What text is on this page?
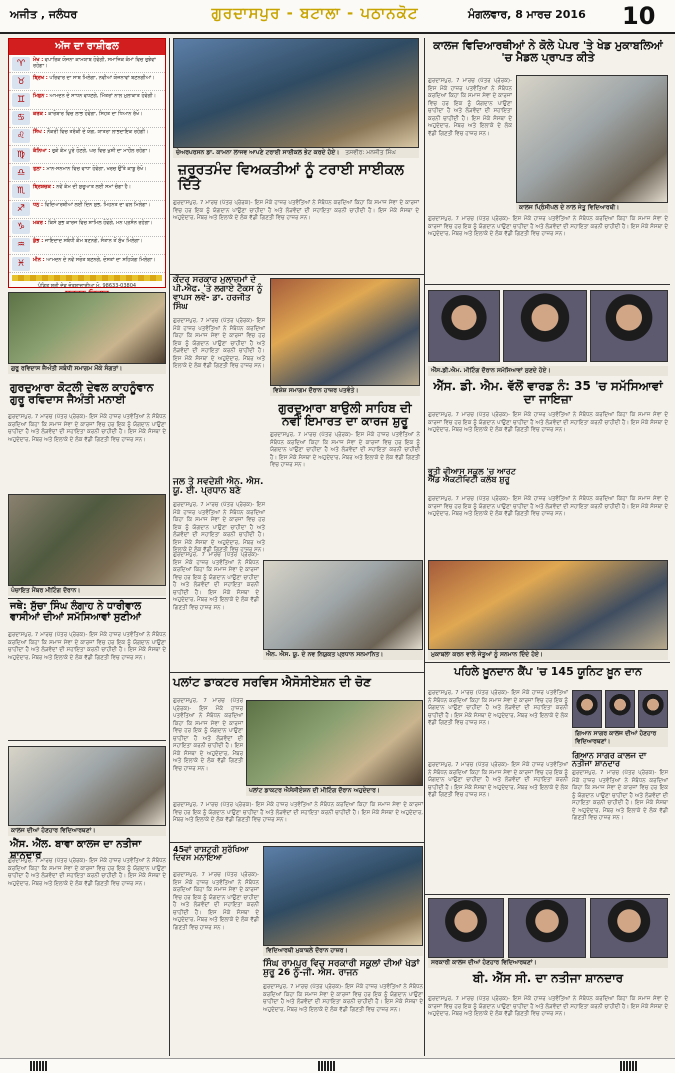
ਅਜੀਤ , ਜਲੰਧਰ	ਗੁਰਦਾਸਪੁਰ - ਬਟਾਲਾ - ਪਠਾਨਕੋਟ	ਮੰਗਲਵਾਰ, 8 ਮਾਰਚ 2016 10
ਅੱਜ ਦਾ ਰਾਸ਼ੀਫਲ
♈	ਮੇਖ : ਵਪਾਰਿਕ ਯੋਜਨਾ ਕਾਮਯਾਬ ਹੋਵੇਗੀ, ਸਮਾਜਿਕ ਕੰਮਾਂ ਵਿਚ ਰੁਝੇਵਾਂ ਰਹੇਗਾ।
♉	ਬ੍ਰਿਖ : ਪਰਿਵਾਰ ਦਾ ਸਾਥ ਮਿਲੇਗਾ, ਨਵੀਆਂ ਯੋਜਨਾਵਾਂ ਬਣਨਗੀਆਂ।
♊	ਮਿਥੁਨ : ਆਮਦਨ ਦੇ ਸਾਧਨ ਵਧਣਗੇ, ਮਿੱਤਰਾਂ ਨਾਲ ਮੁਲਾਕਾਤ ਹੋਵੇਗੀ।
♋	ਕਰਕ : ਕਾਰੋਬਾਰ ਵਿਚ ਲਾਭ ਹੋਵੇਗਾ, ਸਿਹਤ ਦਾ ਧਿਆਨ ਰੱਖੋ।
♌	ਸਿੰਘ : ਨੌਕਰੀ ਵਿਚ ਤਰੱਕੀ ਦੇ ਯੋਗ, ਯਾਤਰਾ ਲਾਭਦਾਇਕ ਰਹੇਗੀ।
♍	ਕੰਨਿਆ : ਰੁਕੇ ਕੰਮ ਪੂਰੇ ਹੋਣਗੇ, ਘਰ ਵਿਚ ਖੁਸ਼ੀ ਦਾ ਮਾਹੌਲ ਰਹੇਗਾ।
♎	ਤੁਲਾ : ਮਾਨ-ਸਨਮਾਨ ਵਿਚ ਵਾਧਾ ਹੋਵੇਗਾ, ਖਰਚ ਉੱਤੇ ਕਾਬੂ ਰੱਖੋ।
♏	ਬ੍ਰਿਸ਼ਚਕ : ਨਵੇਂ ਕੰਮ ਦੀ ਸ਼ੁਰੂਆਤ ਲਈ ਸਮਾਂ ਚੰਗਾ ਹੈ।
♐	ਧਨੁ : ਵਿਦਿਆਰਥੀਆਂ ਲਈ ਦਿਨ ਸ਼ੁਭ, ਮਿਹਨਤ ਦਾ ਫਲ ਮਿਲੇਗਾ।
♑	ਮਕਰ : ਕਿਸੇ ਸ਼ੁਭ ਕਾਰਜ ਵਿਚ ਸ਼ਾਮਿਲ ਹੋਵੋਗੇ, ਮਨ ਪ੍ਰਸੰਨ ਰਹੇਗਾ।
♒	ਕੁੰਭ : ਜਾਇਦਾਦ ਸਬੰਧੀ ਕੰਮ ਬਣਨਗੇ, ਸੰਤਾਨ ਤੋਂ ਸੁੱਖ ਮਿਲੇਗਾ।
♓	ਮੀਨ : ਆਮਦਨ ਦੇ ਨਵੇਂ ਸਰੋਤ ਬਣਨਗੇ, ਦੋਸਤਾਂ ਦਾ ਸਹਿਯੋਗ ਮਿਲੇਗਾ।
ਪੰਡਿਤ ਸ਼੍ਰੀ ਦੇਵ ਜੋਤਸ਼ਾਚਾਰੀਆ ਮੋ. 98633-03804
ਚੇਅਰਪਰਸਨ ਡਾ. ਕਾਮਨਾ ਲਾਜਵ ਆਪਣੇ ਟਰਾਈ ਸਾਈਕਲ ਭੇਟ ਕਰਦੇ ਹੋਏ। ਤਸਵੀਰ: ਮਨਜੀਤ ਸਿੰਘ
ਜ਼ਰੂਰਤਮੰਦ ਵਿਅਕਤੀਆਂ ਨੂੰ ਟਰਾਈ ਸਾਈਕਲ ਦਿੱਤੇ
ਗੁਰਦਾਸਪੁਰ, 7 ਮਾਰਚ (ਪੱਤਰ ਪ੍ਰੇਰਕ)- ਇਸ ਮੌਕੇ ਹਾਜ਼ਰ ਪਤਵੰਤਿਆਂ ਨੇ ਸੰਬੋਧਨ ਕਰਦਿਆਂ ਕਿਹਾ ਕਿ ਸਮਾਜ ਸੇਵਾ ਦੇ ਕਾਰਜਾਂ ਵਿਚ ਹਰ ਇਕ ਨੂੰ ਯੋਗਦਾਨ ਪਾਉਣਾ ਚਾਹੀਦਾ ਹੈ ਅਤੇ ਲੋੜਵੰਦਾਂ ਦੀ ਸਹਾਇਤਾ ਕਰਨੀ ਚਾਹੀਦੀ ਹੈ। ਇਸ ਮੌਕੇ ਸੰਸਥਾ ਦੇ ਅਹੁਦੇਦਾਰ, ਮੈਂਬਰ ਅਤੇ ਇਲਾਕੇ ਦੇ ਲੋਕ ਵੱਡੀ ਗਿਣਤੀ ਵਿਚ ਹਾਜ਼ਰ ਸਨ।
ਕਾਲਜ ਵਿਦਿਆਰਥੀਆਂ ਨੇ ਕੋਲੇ ਪੇਪਰ 'ਤੇ ਖੇਡ ਮੁਕਾਬਲਿਆਂ 'ਚ ਮੈਡਲ ਪ੍ਰਾਪਤ ਕੀਤੇ
ਗੁਰਦਾਸਪੁਰ, 7 ਮਾਰਚ (ਪੱਤਰ ਪ੍ਰੇਰਕ)- ਇਸ ਮੌਕੇ ਹਾਜ਼ਰ ਪਤਵੰਤਿਆਂ ਨੇ ਸੰਬੋਧਨ ਕਰਦਿਆਂ ਕਿਹਾ ਕਿ ਸਮਾਜ ਸੇਵਾ ਦੇ ਕਾਰਜਾਂ ਵਿਚ ਹਰ ਇਕ ਨੂੰ ਯੋਗਦਾਨ ਪਾਉਣਾ ਚਾਹੀਦਾ ਹੈ ਅਤੇ ਲੋੜਵੰਦਾਂ ਦੀ ਸਹਾਇਤਾ ਕਰਨੀ ਚਾਹੀਦੀ ਹੈ। ਇਸ ਮੌਕੇ ਸੰਸਥਾ ਦੇ ਅਹੁਦੇਦਾਰ, ਮੈਂਬਰ ਅਤੇ ਇਲਾਕੇ ਦੇ ਲੋਕ ਵੱਡੀ ਗਿਣਤੀ ਵਿਚ ਹਾਜ਼ਰ ਸਨ।
ਕਾਲਜ ਪ੍ਰਿੰਸੀਪਲ ਦੇ ਨਾਲ ਜੇਤੂ ਵਿਦਿਆਰਥੀ।
ਗੁਰਦਾਸਪੁਰ, 7 ਮਾਰਚ (ਪੱਤਰ ਪ੍ਰੇਰਕ)- ਇਸ ਮੌਕੇ ਹਾਜ਼ਰ ਪਤਵੰਤਿਆਂ ਨੇ ਸੰਬੋਧਨ ਕਰਦਿਆਂ ਕਿਹਾ ਕਿ ਸਮਾਜ ਸੇਵਾ ਦੇ ਕਾਰਜਾਂ ਵਿਚ ਹਰ ਇਕ ਨੂੰ ਯੋਗਦਾਨ ਪਾਉਣਾ ਚਾਹੀਦਾ ਹੈ ਅਤੇ ਲੋੜਵੰਦਾਂ ਦੀ ਸਹਾਇਤਾ ਕਰਨੀ ਚਾਹੀਦੀ ਹੈ। ਇਸ ਮੌਕੇ ਸੰਸਥਾ ਦੇ ਅਹੁਦੇਦਾਰ, ਮੈਂਬਰ ਅਤੇ ਇਲਾਕੇ ਦੇ ਲੋਕ ਵੱਡੀ ਗਿਣਤੀ ਵਿਚ ਹਾਜ਼ਰ ਸਨ।
ਕੇਂਦਰ ਸਰਕਾਰ ਮੁਲਾਜ਼ਮਾਂ ਦੇ ਪੀ.ਐਫ. 'ਤੇ ਲਗਾਏ ਟੈਕਸ ਨੂੰ ਵਾਪਸ ਲਵੇ- ਡਾ. ਹਰਜੀਤ ਸਿੰਘ
ਗੁਰਦਾਸਪੁਰ, 7 ਮਾਰਚ (ਪੱਤਰ ਪ੍ਰੇਰਕ)- ਇਸ ਮੌਕੇ ਹਾਜ਼ਰ ਪਤਵੰਤਿਆਂ ਨੇ ਸੰਬੋਧਨ ਕਰਦਿਆਂ ਕਿਹਾ ਕਿ ਸਮਾਜ ਸੇਵਾ ਦੇ ਕਾਰਜਾਂ ਵਿਚ ਹਰ ਇਕ ਨੂੰ ਯੋਗਦਾਨ ਪਾਉਣਾ ਚਾਹੀਦਾ ਹੈ ਅਤੇ ਲੋੜਵੰਦਾਂ ਦੀ ਸਹਾਇਤਾ ਕਰਨੀ ਚਾਹੀਦੀ ਹੈ। ਇਸ ਮੌਕੇ ਸੰਸਥਾ ਦੇ ਅਹੁਦੇਦਾਰ, ਮੈਂਬਰ ਅਤੇ ਇਲਾਕੇ ਦੇ ਲੋਕ ਵੱਡੀ ਗਿਣਤੀ ਵਿਚ ਹਾਜ਼ਰ ਸਨ।
ਵਿਸ਼ੇਸ਼ ਸਮਾਗਮ ਦੌਰਾਨ ਹਾਜ਼ਰ ਪਤਵੰਤੇ।
ਗੁਰਦੁਆਰਾ ਬਾਉਲੀ ਸਾਹਿਬ ਦੀ ਨਵੀਂ ਇਮਾਰਤ ਦਾ ਕਾਰਜ ਸ਼ੁਰੂ
ਗੁਰਦਾਸਪੁਰ, 7 ਮਾਰਚ (ਪੱਤਰ ਪ੍ਰੇਰਕ)- ਇਸ ਮੌਕੇ ਹਾਜ਼ਰ ਪਤਵੰਤਿਆਂ ਨੇ ਸੰਬੋਧਨ ਕਰਦਿਆਂ ਕਿਹਾ ਕਿ ਸਮਾਜ ਸੇਵਾ ਦੇ ਕਾਰਜਾਂ ਵਿਚ ਹਰ ਇਕ ਨੂੰ ਯੋਗਦਾਨ ਪਾਉਣਾ ਚਾਹੀਦਾ ਹੈ ਅਤੇ ਲੋੜਵੰਦਾਂ ਦੀ ਸਹਾਇਤਾ ਕਰਨੀ ਚਾਹੀਦੀ ਹੈ। ਇਸ ਮੌਕੇ ਸੰਸਥਾ ਦੇ ਅਹੁਦੇਦਾਰ, ਮੈਂਬਰ ਅਤੇ ਇਲਾਕੇ ਦੇ ਲੋਕ ਵੱਡੀ ਗਿਣਤੀ ਵਿਚ ਹਾਜ਼ਰ ਸਨ।
ਐੱਸ.ਡੀ.ਐਮ. ਮੀਟਿੰਗ ਦੌਰਾਨ ਸਮੱਸਿਆਵਾਂ ਸੁਣਦੇ ਹੋਏ।
ਐੱਸ. ਡੀ. ਐਮ. ਵੱਲੋਂ ਵਾਰਡ ਨੰ: 35 'ਚ ਸਮੱਸਿਆਵਾਂ ਦਾ ਜਾਇਜ਼ਾ
ਗੁਰਦਾਸਪੁਰ, 7 ਮਾਰਚ (ਪੱਤਰ ਪ੍ਰੇਰਕ)- ਇਸ ਮੌਕੇ ਹਾਜ਼ਰ ਪਤਵੰਤਿਆਂ ਨੇ ਸੰਬੋਧਨ ਕਰਦਿਆਂ ਕਿਹਾ ਕਿ ਸਮਾਜ ਸੇਵਾ ਦੇ ਕਾਰਜਾਂ ਵਿਚ ਹਰ ਇਕ ਨੂੰ ਯੋਗਦਾਨ ਪਾਉਣਾ ਚਾਹੀਦਾ ਹੈ ਅਤੇ ਲੋੜਵੰਦਾਂ ਦੀ ਸਹਾਇਤਾ ਕਰਨੀ ਚਾਹੀਦੀ ਹੈ। ਇਸ ਮੌਕੇ ਸੰਸਥਾ ਦੇ ਅਹੁਦੇਦਾਰ, ਮੈਂਬਰ ਅਤੇ ਇਲਾਕੇ ਦੇ ਲੋਕ ਵੱਡੀ ਗਿਣਤੀ ਵਿਚ ਹਾਜ਼ਰ ਸਨ।
ਗੁਰੂ ਰਵਿਦਾਸ ਜੈਅੰਤੀ ਸਬੰਧੀ ਸਮਾਗਮ ਮੌਕੇ ਸੰਗਤਾਂ।
ਗੁਰਦੁਆਰਾ ਕੋਟਲੀ ਦੇਵਲ ਕਾਹਨੂੰਵਾਨ ਗੁਰੂ ਰਵਿਦਾਸ ਜੈਅੰਤੀ ਮਨਾਈ
ਗੁਰਦਾਸਪੁਰ, 7 ਮਾਰਚ (ਪੱਤਰ ਪ੍ਰੇਰਕ)- ਇਸ ਮੌਕੇ ਹਾਜ਼ਰ ਪਤਵੰਤਿਆਂ ਨੇ ਸੰਬੋਧਨ ਕਰਦਿਆਂ ਕਿਹਾ ਕਿ ਸਮਾਜ ਸੇਵਾ ਦੇ ਕਾਰਜਾਂ ਵਿਚ ਹਰ ਇਕ ਨੂੰ ਯੋਗਦਾਨ ਪਾਉਣਾ ਚਾਹੀਦਾ ਹੈ ਅਤੇ ਲੋੜਵੰਦਾਂ ਦੀ ਸਹਾਇਤਾ ਕਰਨੀ ਚਾਹੀਦੀ ਹੈ। ਇਸ ਮੌਕੇ ਸੰਸਥਾ ਦੇ ਅਹੁਦੇਦਾਰ, ਮੈਂਬਰ ਅਤੇ ਇਲਾਕੇ ਦੇ ਲੋਕ ਵੱਡੀ ਗਿਣਤੀ ਵਿਚ ਹਾਜ਼ਰ ਸਨ।
ਜਲ ਤੇ ਸਵਦੇਸ਼ੀ ਐਨ. ਐਸ. ਯੂ. ਈ. ਪ੍ਰਧਾਨ ਬਣੇ
ਗੁਰਦਾਸਪੁਰ, 7 ਮਾਰਚ (ਪੱਤਰ ਪ੍ਰੇਰਕ)- ਇਸ ਮੌਕੇ ਹਾਜ਼ਰ ਪਤਵੰਤਿਆਂ ਨੇ ਸੰਬੋਧਨ ਕਰਦਿਆਂ ਕਿਹਾ ਕਿ ਸਮਾਜ ਸੇਵਾ ਦੇ ਕਾਰਜਾਂ ਵਿਚ ਹਰ ਇਕ ਨੂੰ ਯੋਗਦਾਨ ਪਾਉਣਾ ਚਾਹੀਦਾ ਹੈ ਅਤੇ ਲੋੜਵੰਦਾਂ ਦੀ ਸਹਾਇਤਾ ਕਰਨੀ ਚਾਹੀਦੀ ਹੈ। ਇਸ ਮੌਕੇ ਸੰਸਥਾ ਦੇ ਅਹੁਦੇਦਾਰ, ਮੈਂਬਰ ਅਤੇ ਇਲਾਕੇ ਦੇ ਲੋਕ ਵੱਡੀ ਗਿਣਤੀ ਵਿਚ ਹਾਜ਼ਰ ਸਨ।
ਭੂਤੀ ਵੀਆਸ ਸਕੂਲ 'ਚ ਆਰਟ ਐਂਡ ਐਕਟੀਵਿਟੀ ਕਲੱਬ ਸ਼ੁਰੂ
ਗੁਰਦਾਸਪੁਰ, 7 ਮਾਰਚ (ਪੱਤਰ ਪ੍ਰੇਰਕ)- ਇਸ ਮੌਕੇ ਹਾਜ਼ਰ ਪਤਵੰਤਿਆਂ ਨੇ ਸੰਬੋਧਨ ਕਰਦਿਆਂ ਕਿਹਾ ਕਿ ਸਮਾਜ ਸੇਵਾ ਦੇ ਕਾਰਜਾਂ ਵਿਚ ਹਰ ਇਕ ਨੂੰ ਯੋਗਦਾਨ ਪਾਉਣਾ ਚਾਹੀਦਾ ਹੈ ਅਤੇ ਲੋੜਵੰਦਾਂ ਦੀ ਸਹਾਇਤਾ ਕਰਨੀ ਚਾਹੀਦੀ ਹੈ। ਇਸ ਮੌਕੇ ਸੰਸਥਾ ਦੇ ਅਹੁਦੇਦਾਰ, ਮੈਂਬਰ ਅਤੇ ਇਲਾਕੇ ਦੇ ਲੋਕ ਵੱਡੀ ਗਿਣਤੀ ਵਿਚ ਹਾਜ਼ਰ ਸਨ।
ਪੰਚਾਇਤ ਮੈਂਬਰ ਮੀਟਿੰਗ ਦੌਰਾਨ।
ਐਨ. ਐਸ. ਯੂ. ਦੇ ਨਵ ਨਿਯੁਕਤ ਪ੍ਰਧਾਨ ਸਨਮਾਨਿਤ।
ਗੁਰਦਾਸਪੁਰ, 7 ਮਾਰਚ (ਪੱਤਰ ਪ੍ਰੇਰਕ)- ਇਸ ਮੌਕੇ ਹਾਜ਼ਰ ਪਤਵੰਤਿਆਂ ਨੇ ਸੰਬੋਧਨ ਕਰਦਿਆਂ ਕਿਹਾ ਕਿ ਸਮਾਜ ਸੇਵਾ ਦੇ ਕਾਰਜਾਂ ਵਿਚ ਹਰ ਇਕ ਨੂੰ ਯੋਗਦਾਨ ਪਾਉਣਾ ਚਾਹੀਦਾ ਹੈ ਅਤੇ ਲੋੜਵੰਦਾਂ ਦੀ ਸਹਾਇਤਾ ਕਰਨੀ ਚਾਹੀਦੀ ਹੈ। ਇਸ ਮੌਕੇ ਸੰਸਥਾ ਦੇ ਅਹੁਦੇਦਾਰ, ਮੈਂਬਰ ਅਤੇ ਇਲਾਕੇ ਦੇ ਲੋਕ ਵੱਡੀ ਗਿਣਤੀ ਵਿਚ ਹਾਜ਼ਰ ਸਨ।
ਮੁਕਾਬਲਾ ਕਰਨ ਵਾਲੇ ਜੇਤੂਆਂ ਨੂੰ ਸਨਮਾਨ ਦਿੰਦੇ ਹੋਏ।
ਜਥੇ: ਸੁੱਚਾ ਸਿੰਘ ਲੰਗਾਹ ਨੇ ਧਾਰੀਵਾਲ ਵਾਸੀਆਂ ਦੀਆਂ ਸਮੱਸਿਆਵਾਂ ਸੁਣੀਆਂ
ਗੁਰਦਾਸਪੁਰ, 7 ਮਾਰਚ (ਪੱਤਰ ਪ੍ਰੇਰਕ)- ਇਸ ਮੌਕੇ ਹਾਜ਼ਰ ਪਤਵੰਤਿਆਂ ਨੇ ਸੰਬੋਧਨ ਕਰਦਿਆਂ ਕਿਹਾ ਕਿ ਸਮਾਜ ਸੇਵਾ ਦੇ ਕਾਰਜਾਂ ਵਿਚ ਹਰ ਇਕ ਨੂੰ ਯੋਗਦਾਨ ਪਾਉਣਾ ਚਾਹੀਦਾ ਹੈ ਅਤੇ ਲੋੜਵੰਦਾਂ ਦੀ ਸਹਾਇਤਾ ਕਰਨੀ ਚਾਹੀਦੀ ਹੈ। ਇਸ ਮੌਕੇ ਸੰਸਥਾ ਦੇ ਅਹੁਦੇਦਾਰ, ਮੈਂਬਰ ਅਤੇ ਇਲਾਕੇ ਦੇ ਲੋਕ ਵੱਡੀ ਗਿਣਤੀ ਵਿਚ ਹਾਜ਼ਰ ਸਨ।
ਪਲਾਂਟ ਡਾਕਟਰ ਸਰਵਿਸ ਐਸੋਸੀਏਸ਼ਨ ਦੀ ਚੋਣ
ਗੁਰਦਾਸਪੁਰ, 7 ਮਾਰਚ (ਪੱਤਰ ਪ੍ਰੇਰਕ)- ਇਸ ਮੌਕੇ ਹਾਜ਼ਰ ਪਤਵੰਤਿਆਂ ਨੇ ਸੰਬੋਧਨ ਕਰਦਿਆਂ ਕਿਹਾ ਕਿ ਸਮਾਜ ਸੇਵਾ ਦੇ ਕਾਰਜਾਂ ਵਿਚ ਹਰ ਇਕ ਨੂੰ ਯੋਗਦਾਨ ਪਾਉਣਾ ਚਾਹੀਦਾ ਹੈ ਅਤੇ ਲੋੜਵੰਦਾਂ ਦੀ ਸਹਾਇਤਾ ਕਰਨੀ ਚਾਹੀਦੀ ਹੈ। ਇਸ ਮੌਕੇ ਸੰਸਥਾ ਦੇ ਅਹੁਦੇਦਾਰ, ਮੈਂਬਰ ਅਤੇ ਇਲਾਕੇ ਦੇ ਲੋਕ ਵੱਡੀ ਗਿਣਤੀ ਵਿਚ ਹਾਜ਼ਰ ਸਨ।
ਪਲਾਂਟ ਡਾਕਟਰ ਐਸੋਸੀਏਸ਼ਨ ਦੀ ਮੀਟਿੰਗ ਦੌਰਾਨ ਅਹੁਦੇਦਾਰ।
ਗੁਰਦਾਸਪੁਰ, 7 ਮਾਰਚ (ਪੱਤਰ ਪ੍ਰੇਰਕ)- ਇਸ ਮੌਕੇ ਹਾਜ਼ਰ ਪਤਵੰਤਿਆਂ ਨੇ ਸੰਬੋਧਨ ਕਰਦਿਆਂ ਕਿਹਾ ਕਿ ਸਮਾਜ ਸੇਵਾ ਦੇ ਕਾਰਜਾਂ ਵਿਚ ਹਰ ਇਕ ਨੂੰ ਯੋਗਦਾਨ ਪਾਉਣਾ ਚਾਹੀਦਾ ਹੈ ਅਤੇ ਲੋੜਵੰਦਾਂ ਦੀ ਸਹਾਇਤਾ ਕਰਨੀ ਚਾਹੀਦੀ ਹੈ। ਇਸ ਮੌਕੇ ਸੰਸਥਾ ਦੇ ਅਹੁਦੇਦਾਰ, ਮੈਂਬਰ ਅਤੇ ਇਲਾਕੇ ਦੇ ਲੋਕ ਵੱਡੀ ਗਿਣਤੀ ਵਿਚ ਹਾਜ਼ਰ ਸਨ।
ਪਹਿਲੇ ਖ਼ੂਨਦਾਨ ਕੈਂਪ 'ਚ 145 ਯੂਨਿਟ ਖ਼ੂਨ ਦਾਨ
ਗੁਰਦਾਸਪੁਰ, 7 ਮਾਰਚ (ਪੱਤਰ ਪ੍ਰੇਰਕ)- ਇਸ ਮੌਕੇ ਹਾਜ਼ਰ ਪਤਵੰਤਿਆਂ ਨੇ ਸੰਬੋਧਨ ਕਰਦਿਆਂ ਕਿਹਾ ਕਿ ਸਮਾਜ ਸੇਵਾ ਦੇ ਕਾਰਜਾਂ ਵਿਚ ਹਰ ਇਕ ਨੂੰ ਯੋਗਦਾਨ ਪਾਉਣਾ ਚਾਹੀਦਾ ਹੈ ਅਤੇ ਲੋੜਵੰਦਾਂ ਦੀ ਸਹਾਇਤਾ ਕਰਨੀ ਚਾਹੀਦੀ ਹੈ। ਇਸ ਮੌਕੇ ਸੰਸਥਾ ਦੇ ਅਹੁਦੇਦਾਰ, ਮੈਂਬਰ ਅਤੇ ਇਲਾਕੇ ਦੇ ਲੋਕ ਵੱਡੀ ਗਿਣਤੀ ਵਿਚ ਹਾਜ਼ਰ ਸਨ।
ਗਿਆਨ ਸਾਗਰ ਕਾਲਜ ਦੀਆਂ ਹੋਣਹਾਰ ਵਿਦਿਆਰਥਣਾਂ।
ਗਿਆਨ ਸਾਗਰ ਕਾਲਜ ਦਾ ਨਤੀਜਾ ਸ਼ਾਨਦਾਰ
ਗੁਰਦਾਸਪੁਰ, 7 ਮਾਰਚ (ਪੱਤਰ ਪ੍ਰੇਰਕ)- ਇਸ ਮੌਕੇ ਹਾਜ਼ਰ ਪਤਵੰਤਿਆਂ ਨੇ ਸੰਬੋਧਨ ਕਰਦਿਆਂ ਕਿਹਾ ਕਿ ਸਮਾਜ ਸੇਵਾ ਦੇ ਕਾਰਜਾਂ ਵਿਚ ਹਰ ਇਕ ਨੂੰ ਯੋਗਦਾਨ ਪਾਉਣਾ ਚਾਹੀਦਾ ਹੈ ਅਤੇ ਲੋੜਵੰਦਾਂ ਦੀ ਸਹਾਇਤਾ ਕਰਨੀ ਚਾਹੀਦੀ ਹੈ। ਇਸ ਮੌਕੇ ਸੰਸਥਾ ਦੇ ਅਹੁਦੇਦਾਰ, ਮੈਂਬਰ ਅਤੇ ਇਲਾਕੇ ਦੇ ਲੋਕ ਵੱਡੀ ਗਿਣਤੀ ਵਿਚ ਹਾਜ਼ਰ ਸਨ।
ਗੁਰਦਾਸਪੁਰ, 7 ਮਾਰਚ (ਪੱਤਰ ਪ੍ਰੇਰਕ)- ਇਸ ਮੌਕੇ ਹਾਜ਼ਰ ਪਤਵੰਤਿਆਂ ਨੇ ਸੰਬੋਧਨ ਕਰਦਿਆਂ ਕਿਹਾ ਕਿ ਸਮਾਜ ਸੇਵਾ ਦੇ ਕਾਰਜਾਂ ਵਿਚ ਹਰ ਇਕ ਨੂੰ ਯੋਗਦਾਨ ਪਾਉਣਾ ਚਾਹੀਦਾ ਹੈ ਅਤੇ ਲੋੜਵੰਦਾਂ ਦੀ ਸਹਾਇਤਾ ਕਰਨੀ ਚਾਹੀਦੀ ਹੈ। ਇਸ ਮੌਕੇ ਸੰਸਥਾ ਦੇ ਅਹੁਦੇਦਾਰ, ਮੈਂਬਰ ਅਤੇ ਇਲਾਕੇ ਦੇ ਲੋਕ ਵੱਡੀ ਗਿਣਤੀ ਵਿਚ ਹਾਜ਼ਰ ਸਨ।
ਕਾਲਜ ਦੀਆਂ ਹੋਣਹਾਰ ਵਿਦਿਆਰਥਣਾਂ।
ਐੱਸ. ਐੱਲ. ਬਾਵਾ ਕਾਲਜ ਦਾ ਨਤੀਜਾ ਸ਼ਾਨਦਾਰ
ਗੁਰਦਾਸਪੁਰ, 7 ਮਾਰਚ (ਪੱਤਰ ਪ੍ਰੇਰਕ)- ਇਸ ਮੌਕੇ ਹਾਜ਼ਰ ਪਤਵੰਤਿਆਂ ਨੇ ਸੰਬੋਧਨ ਕਰਦਿਆਂ ਕਿਹਾ ਕਿ ਸਮਾਜ ਸੇਵਾ ਦੇ ਕਾਰਜਾਂ ਵਿਚ ਹਰ ਇਕ ਨੂੰ ਯੋਗਦਾਨ ਪਾਉਣਾ ਚਾਹੀਦਾ ਹੈ ਅਤੇ ਲੋੜਵੰਦਾਂ ਦੀ ਸਹਾਇਤਾ ਕਰਨੀ ਚਾਹੀਦੀ ਹੈ। ਇਸ ਮੌਕੇ ਸੰਸਥਾ ਦੇ ਅਹੁਦੇਦਾਰ, ਮੈਂਬਰ ਅਤੇ ਇਲਾਕੇ ਦੇ ਲੋਕ ਵੱਡੀ ਗਿਣਤੀ ਵਿਚ ਹਾਜ਼ਰ ਸਨ।
45ਵਾਂ ਰਾਸ਼ਟਰੀ ਸੁਰੱਖਿਆ ਦਿਵਸ ਮਨਾਇਆ
ਗੁਰਦਾਸਪੁਰ, 7 ਮਾਰਚ (ਪੱਤਰ ਪ੍ਰੇਰਕ)- ਇਸ ਮੌਕੇ ਹਾਜ਼ਰ ਪਤਵੰਤਿਆਂ ਨੇ ਸੰਬੋਧਨ ਕਰਦਿਆਂ ਕਿਹਾ ਕਿ ਸਮਾਜ ਸੇਵਾ ਦੇ ਕਾਰਜਾਂ ਵਿਚ ਹਰ ਇਕ ਨੂੰ ਯੋਗਦਾਨ ਪਾਉਣਾ ਚਾਹੀਦਾ ਹੈ ਅਤੇ ਲੋੜਵੰਦਾਂ ਦੀ ਸਹਾਇਤਾ ਕਰਨੀ ਚਾਹੀਦੀ ਹੈ। ਇਸ ਮੌਕੇ ਸੰਸਥਾ ਦੇ ਅਹੁਦੇਦਾਰ, ਮੈਂਬਰ ਅਤੇ ਇਲਾਕੇ ਦੇ ਲੋਕ ਵੱਡੀ ਗਿਣਤੀ ਵਿਚ ਹਾਜ਼ਰ ਸਨ।
ਵਿਦਿਆਰਥੀ ਮੁਕਾਬਲੇ ਦੌਰਾਨ ਹਾਜ਼ਰ।
ਸਿੰਘ ਰਾਮਪੁਰ ਵਿਚ ਸਰਕਾਰੀ ਸਕੂਲਾਂ ਦੀਆਂ ਖੇਡਾਂ ਸ਼ੁਰੂ 26 ਨੂੰ-ਜੀ. ਐਸ. ਰਾਜਨ
ਗੁਰਦਾਸਪੁਰ, 7 ਮਾਰਚ (ਪੱਤਰ ਪ੍ਰੇਰਕ)- ਇਸ ਮੌਕੇ ਹਾਜ਼ਰ ਪਤਵੰਤਿਆਂ ਨੇ ਸੰਬੋਧਨ ਕਰਦਿਆਂ ਕਿਹਾ ਕਿ ਸਮਾਜ ਸੇਵਾ ਦੇ ਕਾਰਜਾਂ ਵਿਚ ਹਰ ਇਕ ਨੂੰ ਯੋਗਦਾਨ ਪਾਉਣਾ ਚਾਹੀਦਾ ਹੈ ਅਤੇ ਲੋੜਵੰਦਾਂ ਦੀ ਸਹਾਇਤਾ ਕਰਨੀ ਚਾਹੀਦੀ ਹੈ। ਇਸ ਮੌਕੇ ਸੰਸਥਾ ਦੇ ਅਹੁਦੇਦਾਰ, ਮੈਂਬਰ ਅਤੇ ਇਲਾਕੇ ਦੇ ਲੋਕ ਵੱਡੀ ਗਿਣਤੀ ਵਿਚ ਹਾਜ਼ਰ ਸਨ।
ਸਰਕਾਰੀ ਕਾਲਜ ਦੀਆਂ ਹੋਣਹਾਰ ਵਿਦਿਆਰਥਣਾਂ।
ਬੀ. ਐੱਸ ਸੀ. ਦਾ ਨਤੀਜਾ ਸ਼ਾਨਦਾਰ
ਗੁਰਦਾਸਪੁਰ, 7 ਮਾਰਚ (ਪੱਤਰ ਪ੍ਰੇਰਕ)- ਇਸ ਮੌਕੇ ਹਾਜ਼ਰ ਪਤਵੰਤਿਆਂ ਨੇ ਸੰਬੋਧਨ ਕਰਦਿਆਂ ਕਿਹਾ ਕਿ ਸਮਾਜ ਸੇਵਾ ਦੇ ਕਾਰਜਾਂ ਵਿਚ ਹਰ ਇਕ ਨੂੰ ਯੋਗਦਾਨ ਪਾਉਣਾ ਚਾਹੀਦਾ ਹੈ ਅਤੇ ਲੋੜਵੰਦਾਂ ਦੀ ਸਹਾਇਤਾ ਕਰਨੀ ਚਾਹੀਦੀ ਹੈ। ਇਸ ਮੌਕੇ ਸੰਸਥਾ ਦੇ ਅਹੁਦੇਦਾਰ, ਮੈਂਬਰ ਅਤੇ ਇਲਾਕੇ ਦੇ ਲੋਕ ਵੱਡੀ ਗਿਣਤੀ ਵਿਚ ਹਾਜ਼ਰ ਸਨ।
